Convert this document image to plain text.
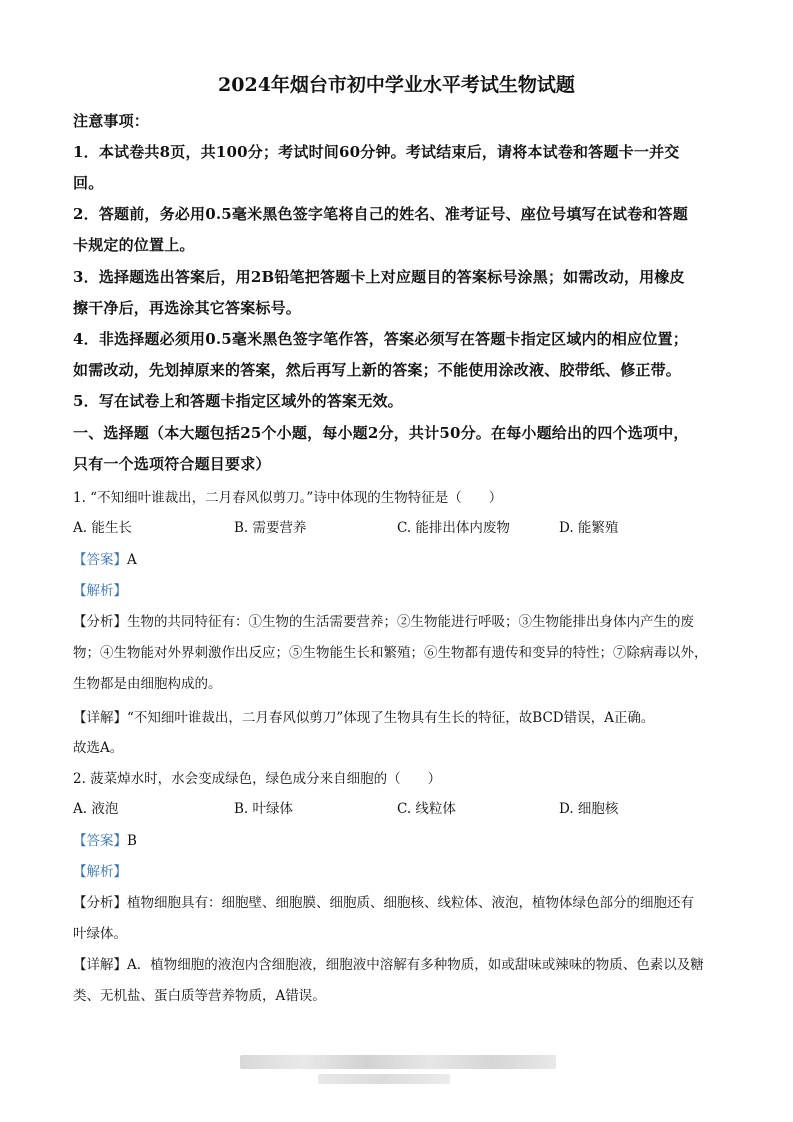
2024年烟台市初中学业水平考试生物试题
注意事项：
1．本试卷共8页，共100分；考试时间60分钟。考试结束后，请将本试卷和答题卡一并交
回。
2．答题前，务必用0.5毫米黑色签字笔将自己的姓名、准考证号、座位号填写在试卷和答题
卡规定的位置上。
3．选择题选出答案后，用2B铅笔把答题卡上对应题目的答案标号涂黑；如需改动，用橡皮
擦干净后，再选涂其它答案标号。
4．非选择题必须用0.5毫米黑色签字笔作答，答案必须写在答题卡指定区域内的相应位置；
如需改动，先划掉原来的答案，然后再写上新的答案；不能使用涂改液、胶带纸、修正带。
5．写在试卷上和答题卡指定区域外的答案无效。
一、选择题（本大题包括25个小题，每小题2分，共计50分。在每小题给出的四个选项中，
只有一个选项符合题目要求）
1. “不知细叶谁裁出，二月春风似剪刀。”诗中体现的生物特征是（　　）
A. 能生长	B. 需要营养	C. 能排出体内废物	D. 能繁殖
【答案】A
【解析】
【分析】生物的共同特征有：①生物的生活需要营养；②生物能进行呼吸；③生物能排出身体内产生的废
物；④生物能对外界刺激作出反应；⑤生物能生长和繁殖；⑥生物都有遗传和变异的特性；⑦除病毒以外，
生物都是由细胞构成的。
【详解】“不知细叶谁裁出，二月春风似剪刀”体现了生物具有生长的特征，故BCD错误，A正确。
故选A。
2. 菠菜焯水时，水会变成绿色，绿色成分来自细胞的（　　）
A. 液泡	B. 叶绿体	C. 线粒体	D. 细胞核
【答案】B
【解析】
【分析】植物细胞具有：细胞壁、细胞膜、细胞质、细胞核、线粒体、液泡，植物体绿色部分的细胞还有
叶绿体。
【详解】A．植物细胞的液泡内含细胞液，细胞液中溶解有多种物质，如或甜味或辣味的物质、色素以及糖
类、无机盐、蛋白质等营养物质，A错误。
